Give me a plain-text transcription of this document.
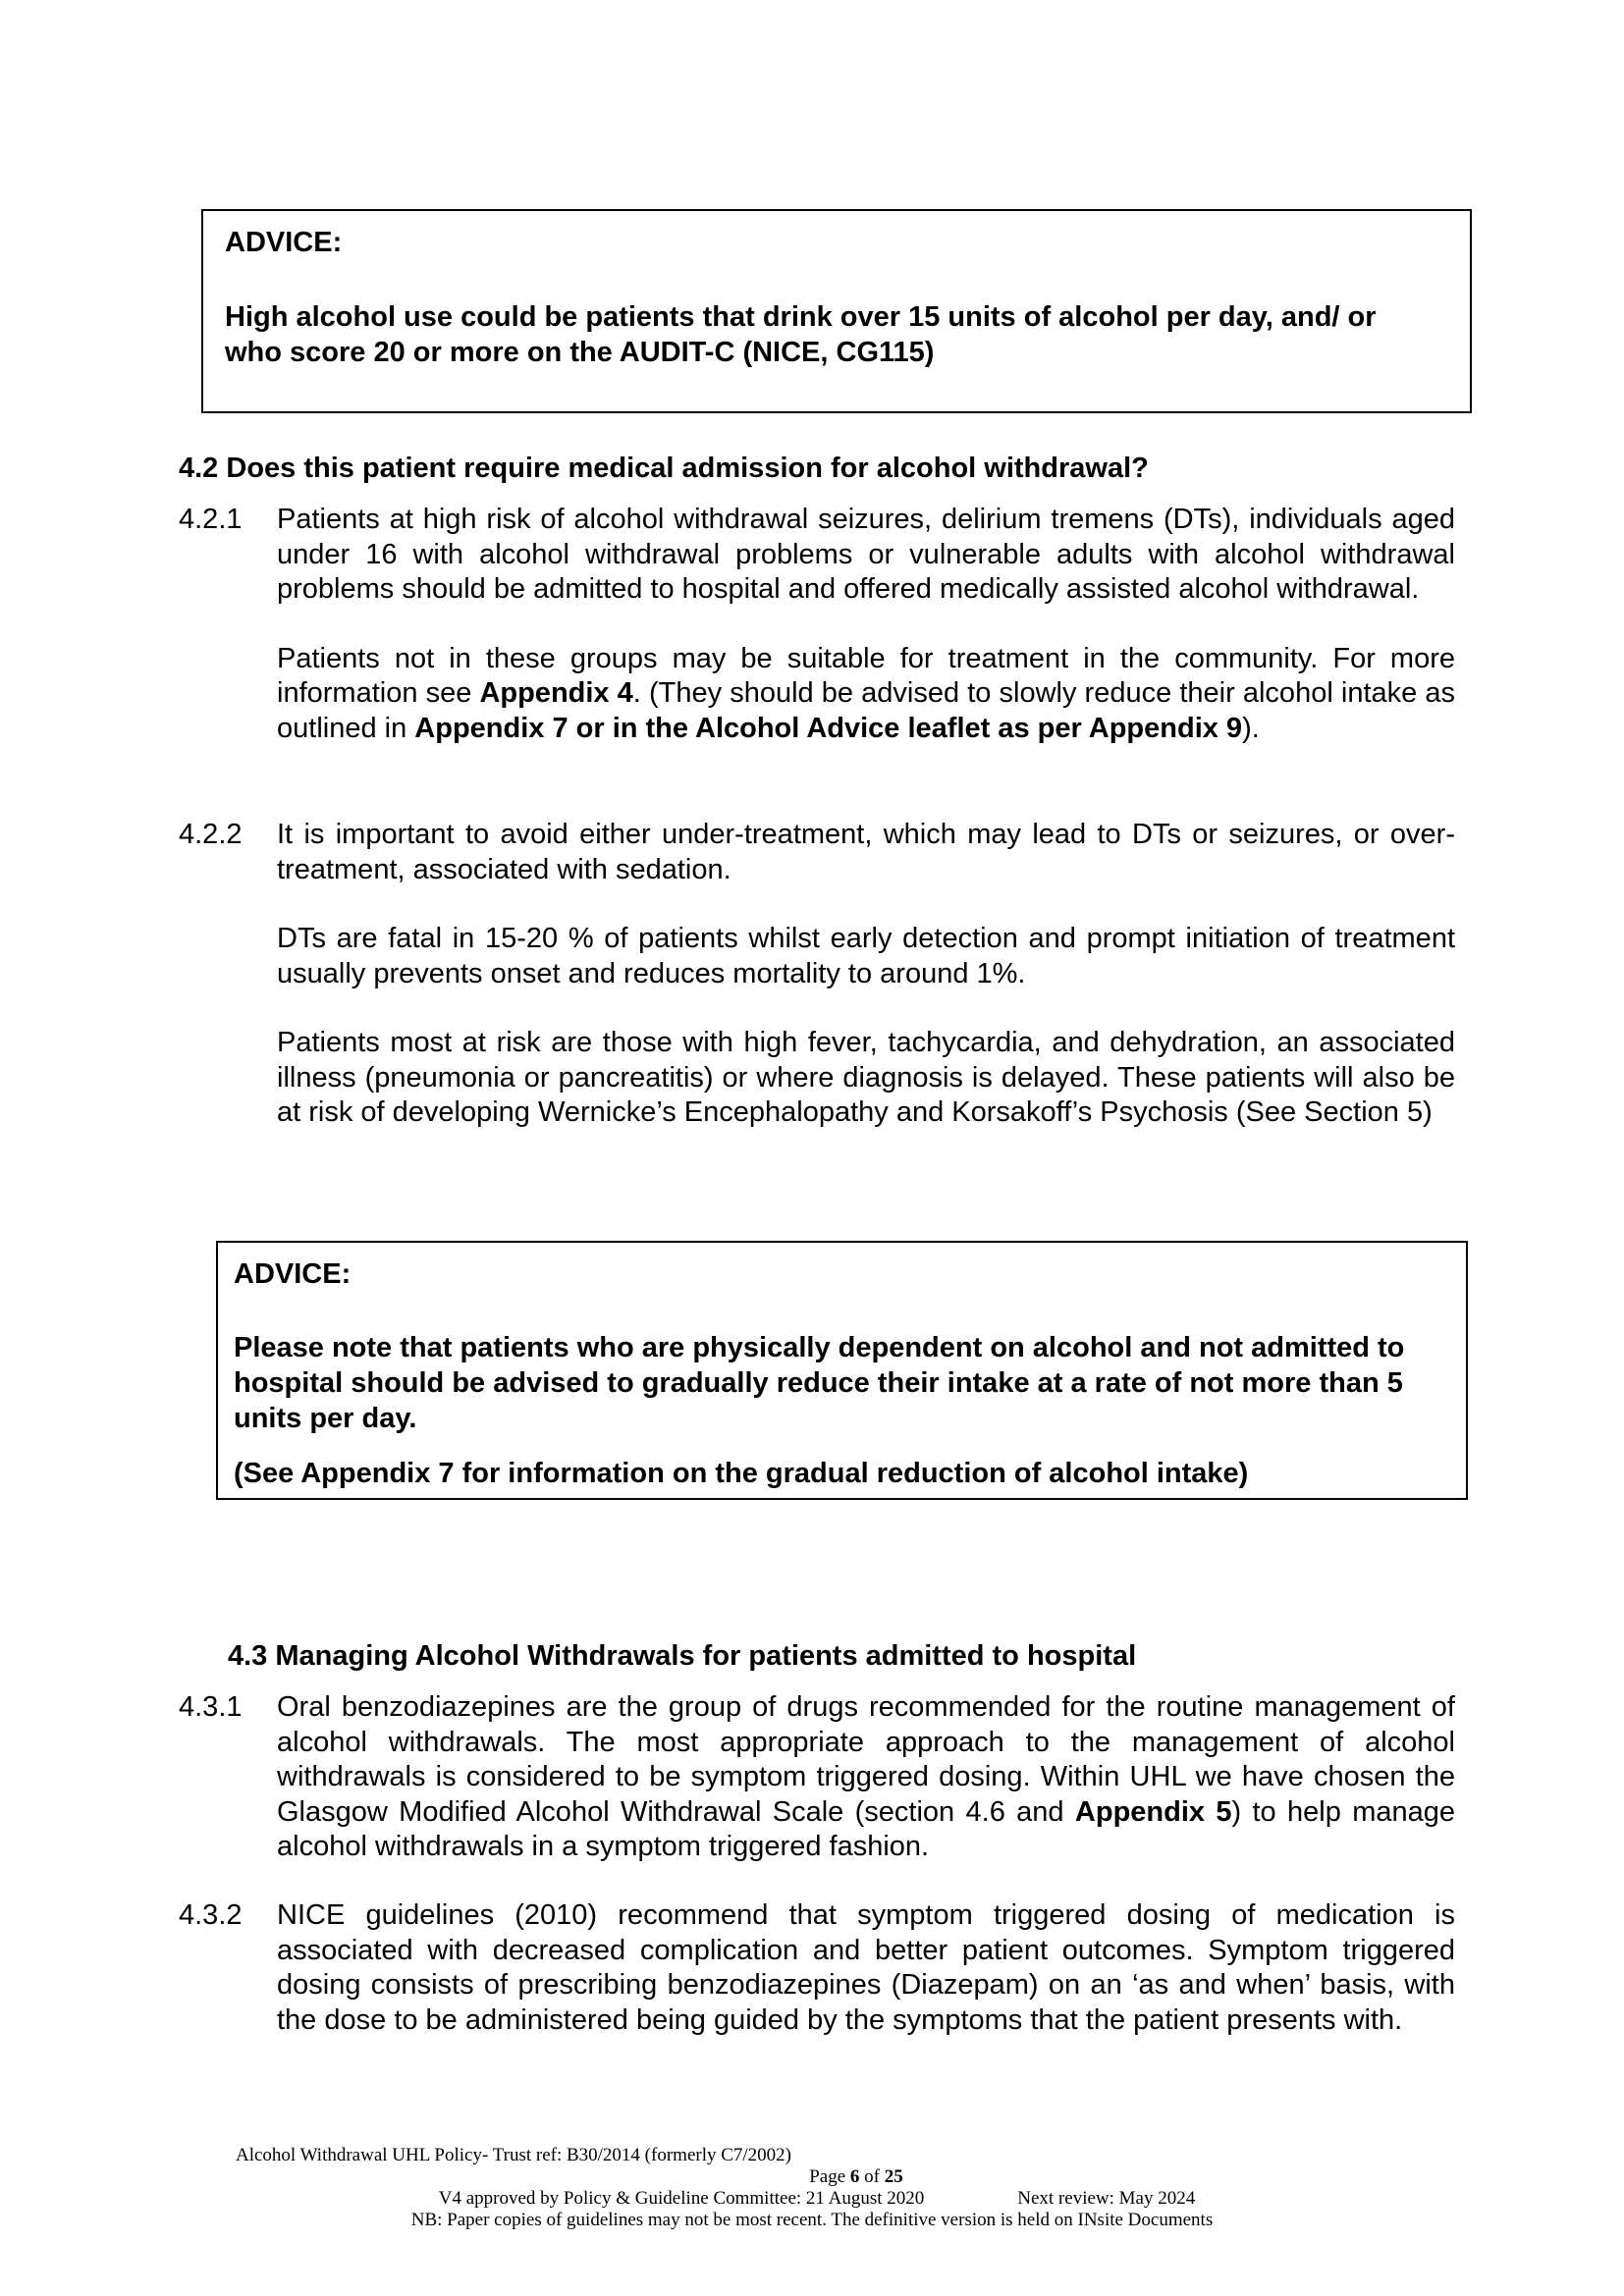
ADVICE:

High alcohol use could be patients that drink over 15 units of alcohol per day, and/ or who score 20 or more on the AUDIT-C (NICE, CG115)

4.2 Does this patient require medical admission for alcohol withdrawal?

4.2.1 Patients at high risk of alcohol withdrawal seizures, delirium tremens (DTs), individuals aged under 16 with alcohol withdrawal problems or vulnerable adults with alcohol withdrawal problems should be admitted to hospital and offered medically assisted alcohol withdrawal.

Patients not in these groups may be suitable for treatment in the community. For more information see Appendix 4. (They should be advised to slowly reduce their alcohol intake as outlined in Appendix 7 or in the Alcohol Advice leaflet as per Appendix 9).

4.2.2 It is important to avoid either under-treatment, which may lead to DTs or seizures, or over-treatment, associated with sedation.

DTs are fatal in 15-20 % of patients whilst early detection and prompt initiation of treatment usually prevents onset and reduces mortality to around 1%.

Patients most at risk are those with high fever, tachycardia, and dehydration, an associated illness (pneumonia or pancreatitis) or where diagnosis is delayed. These patients will also be at risk of developing Wernicke’s Encephalopathy and Korsakoff’s Psychosis (See Section 5)

ADVICE:

Please note that patients who are physically dependent on alcohol and not admitted to hospital should be advised to gradually reduce their intake at a rate of not more than 5 units per day.

(See Appendix 7 for information on the gradual reduction of alcohol intake)

4.3 Managing Alcohol Withdrawals for patients admitted to hospital

4.3.1 Oral benzodiazepines are the group of drugs recommended for the routine management of alcohol withdrawals. The most appropriate approach to the management of alcohol withdrawals is considered to be symptom triggered dosing. Within UHL we have chosen the Glasgow Modified Alcohol Withdrawal Scale (section 4.6 and Appendix 5) to help manage alcohol withdrawals in a symptom triggered fashion.

4.3.2 NICE guidelines (2010) recommend that symptom triggered dosing of medication is associated with decreased complication and better patient outcomes. Symptom triggered dosing consists of prescribing benzodiazepines (Diazepam) on an ‘as and when’ basis, with the dose to be administered being guided by the symptoms that the patient presents with.

Alcohol Withdrawal UHL Policy- Trust ref: B30/2014 (formerly C7/2002)
Page 6 of 25
V4 approved by Policy & Guideline Committee: 21 August 2020	Next review: May 2024
NB: Paper copies of guidelines may not be most recent. The definitive version is held on INsite Documents
